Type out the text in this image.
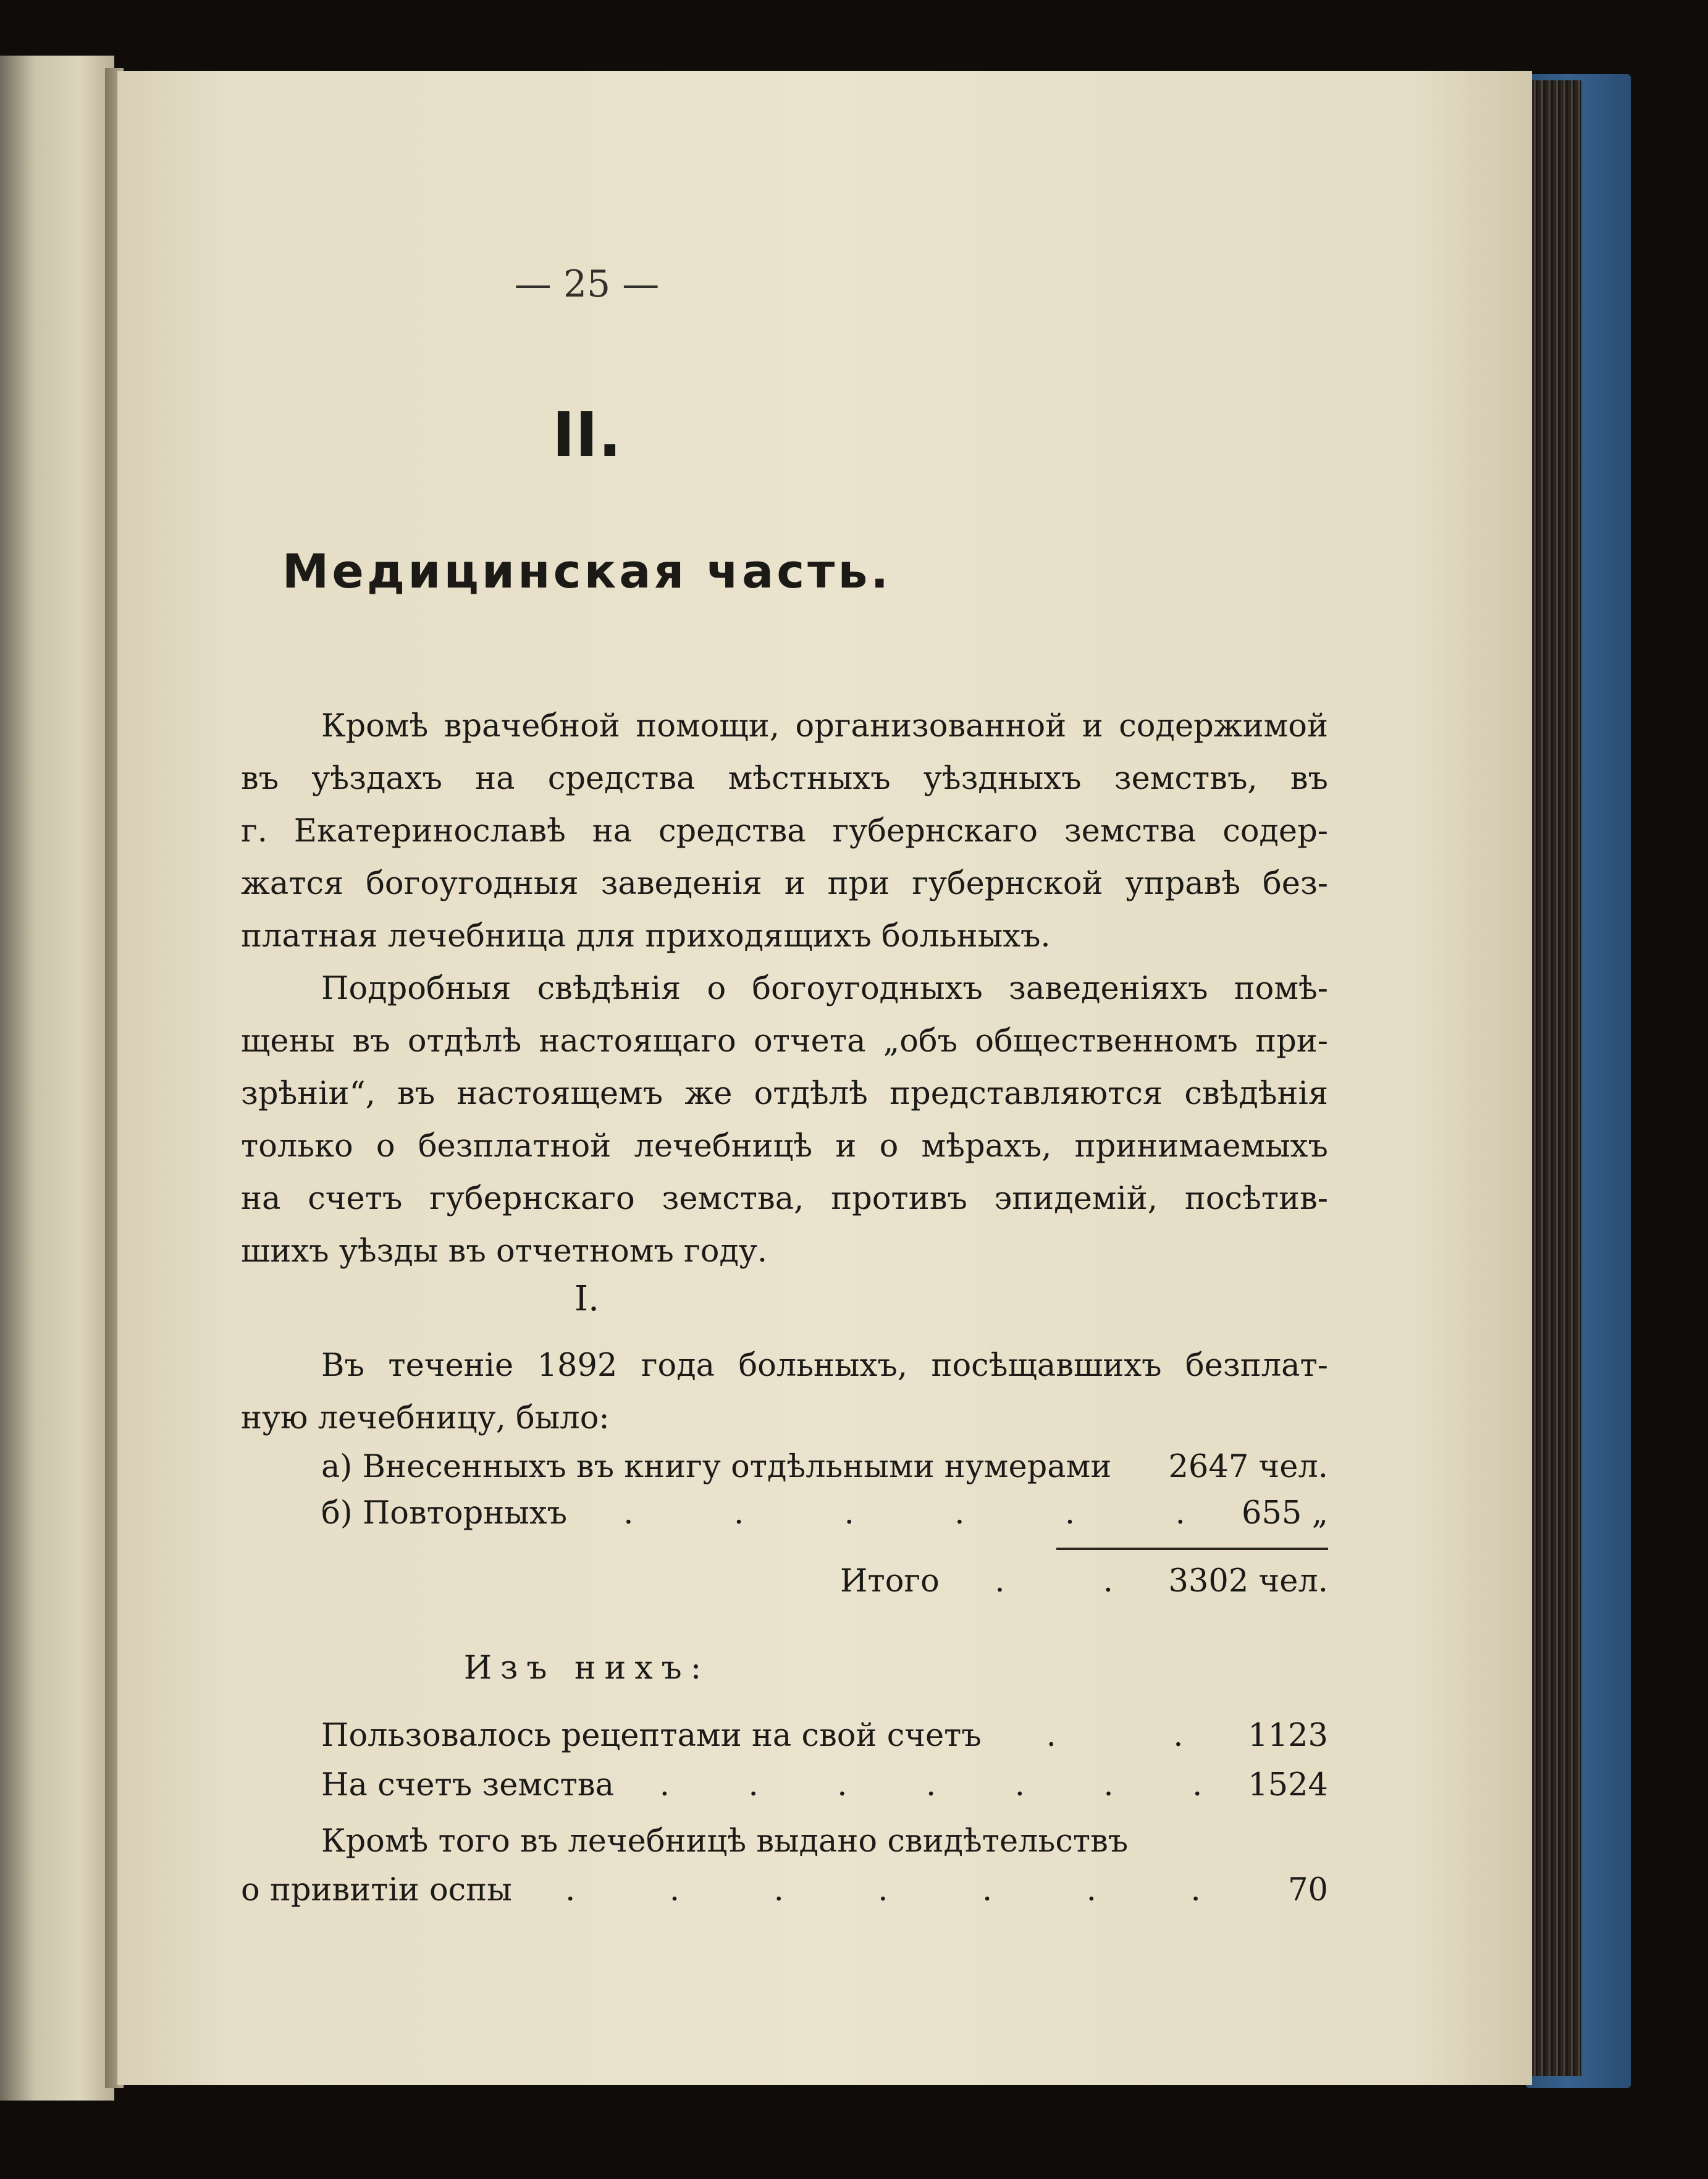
— 25 —
II.
Медицинская часть.
Кромѣ врачебной помощи, организованной и содержимой
въ уѣздахъ на средства мѣстныхъ уѣздныхъ земствъ, въ
г. Екатеринославѣ на средства губернскаго земства содер-
жатся богоугодныя заведенія и при губернской управѣ без-
платная лечебница для приходящихъ больныхъ.
Подробныя свѣдѣнія о богоугодныхъ заведеніяхъ помѣ-
щены въ отдѣлѣ настоящаго отчета „объ общественномъ при-
зрѣніи“, въ настоящемъ же отдѣлѣ представляются свѣдѣнія
только о безплатной лечебницѣ и о мѣрахъ, принимаемыхъ
на счетъ губернскаго земства, противъ эпидемій, посѣтив-
шихъ уѣзды въ отчетномъ году.
I.
Въ теченіе 1892 года больныхъ, посѣщавшихъ безплат-
ную лечебницу, было:
а) Внесенныхъ въ книгу отдѣльными нумерами 2647 чел.
б) Повторныхъ .	.	.	.	.	. 655 „
Итого .	. 3302 чел.
Изъ нихъ:
Пользовалось рецептами на свой счетъ .	. 1123
На счетъ земства .	.	.	.	.	.	. 1524
Кромѣ того въ лечебницѣ выдано свидѣтельствъ
о привитіи оспы .	.	.	.	.	.	.	70
